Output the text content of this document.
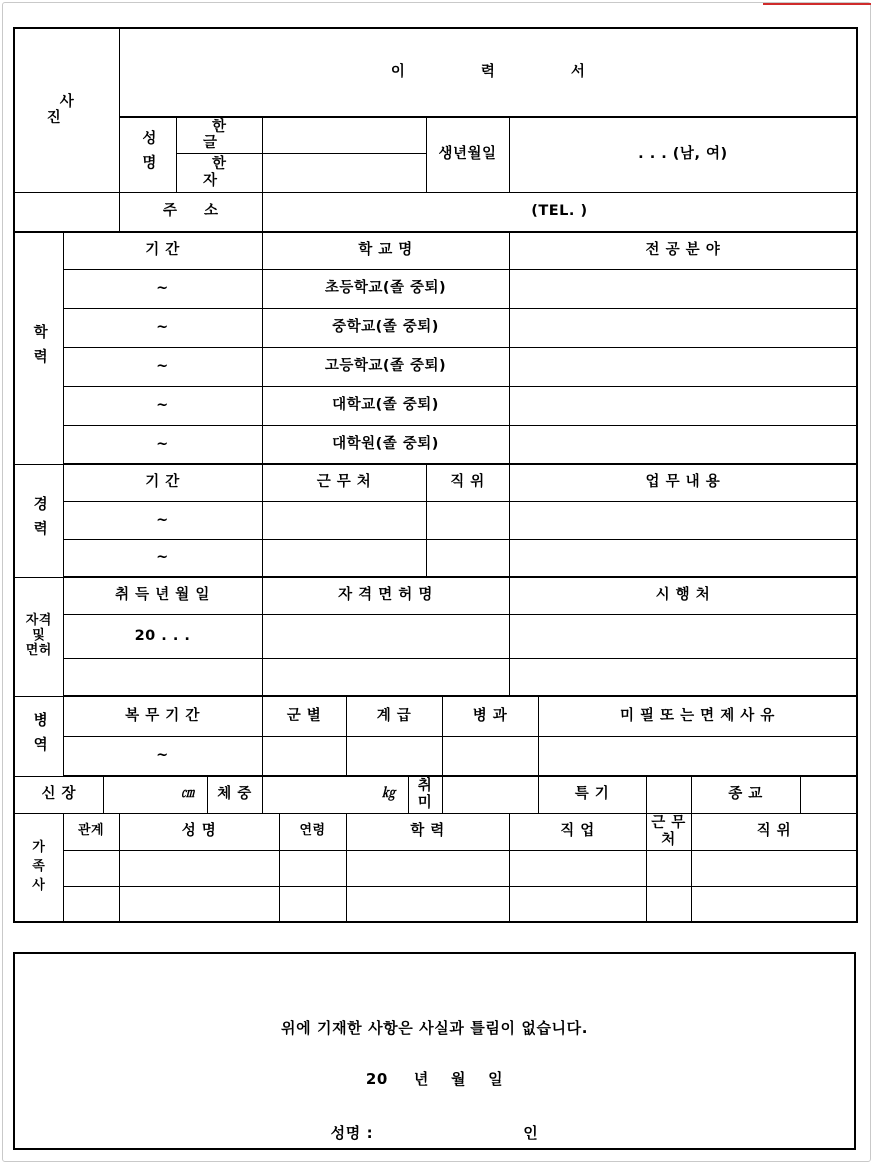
사 진			이 력 서													

			성명	한 글						생년월일		. . . (남, 여)				
				한 자												
			주 소			(TEL. )										

학력	기 간					학 교 명						전 공 분 야				
	~					초등학교(졸 중퇴)										
	~					중학교(졸 중퇴)										
	~					고등학교(졸 중퇴)										
	~					대학교(졸 중퇴)										
	~					대학원(졸 중퇴)										

경력	기 간					근 무 처				직 위		업 무 내 용				
	~															
	~															

자격
및
면허	취 득 년 월 일					자 격 면 허 명						시 행 처				
	20 . . .															

병역	복 무 기 간					군 별		계 급			병 과		미 필 또 는 면 제 사 유			
	~															
신 장		㎝			체 중	㎏			취 미				특 기		종 교	

가
족
사	관계		성 명				연령	학 력				직 업		근 무 처	직 위	

위에 기재한 사항은 사실과 틀림이 없습니다.
20 년 월 일
성명 :	인
